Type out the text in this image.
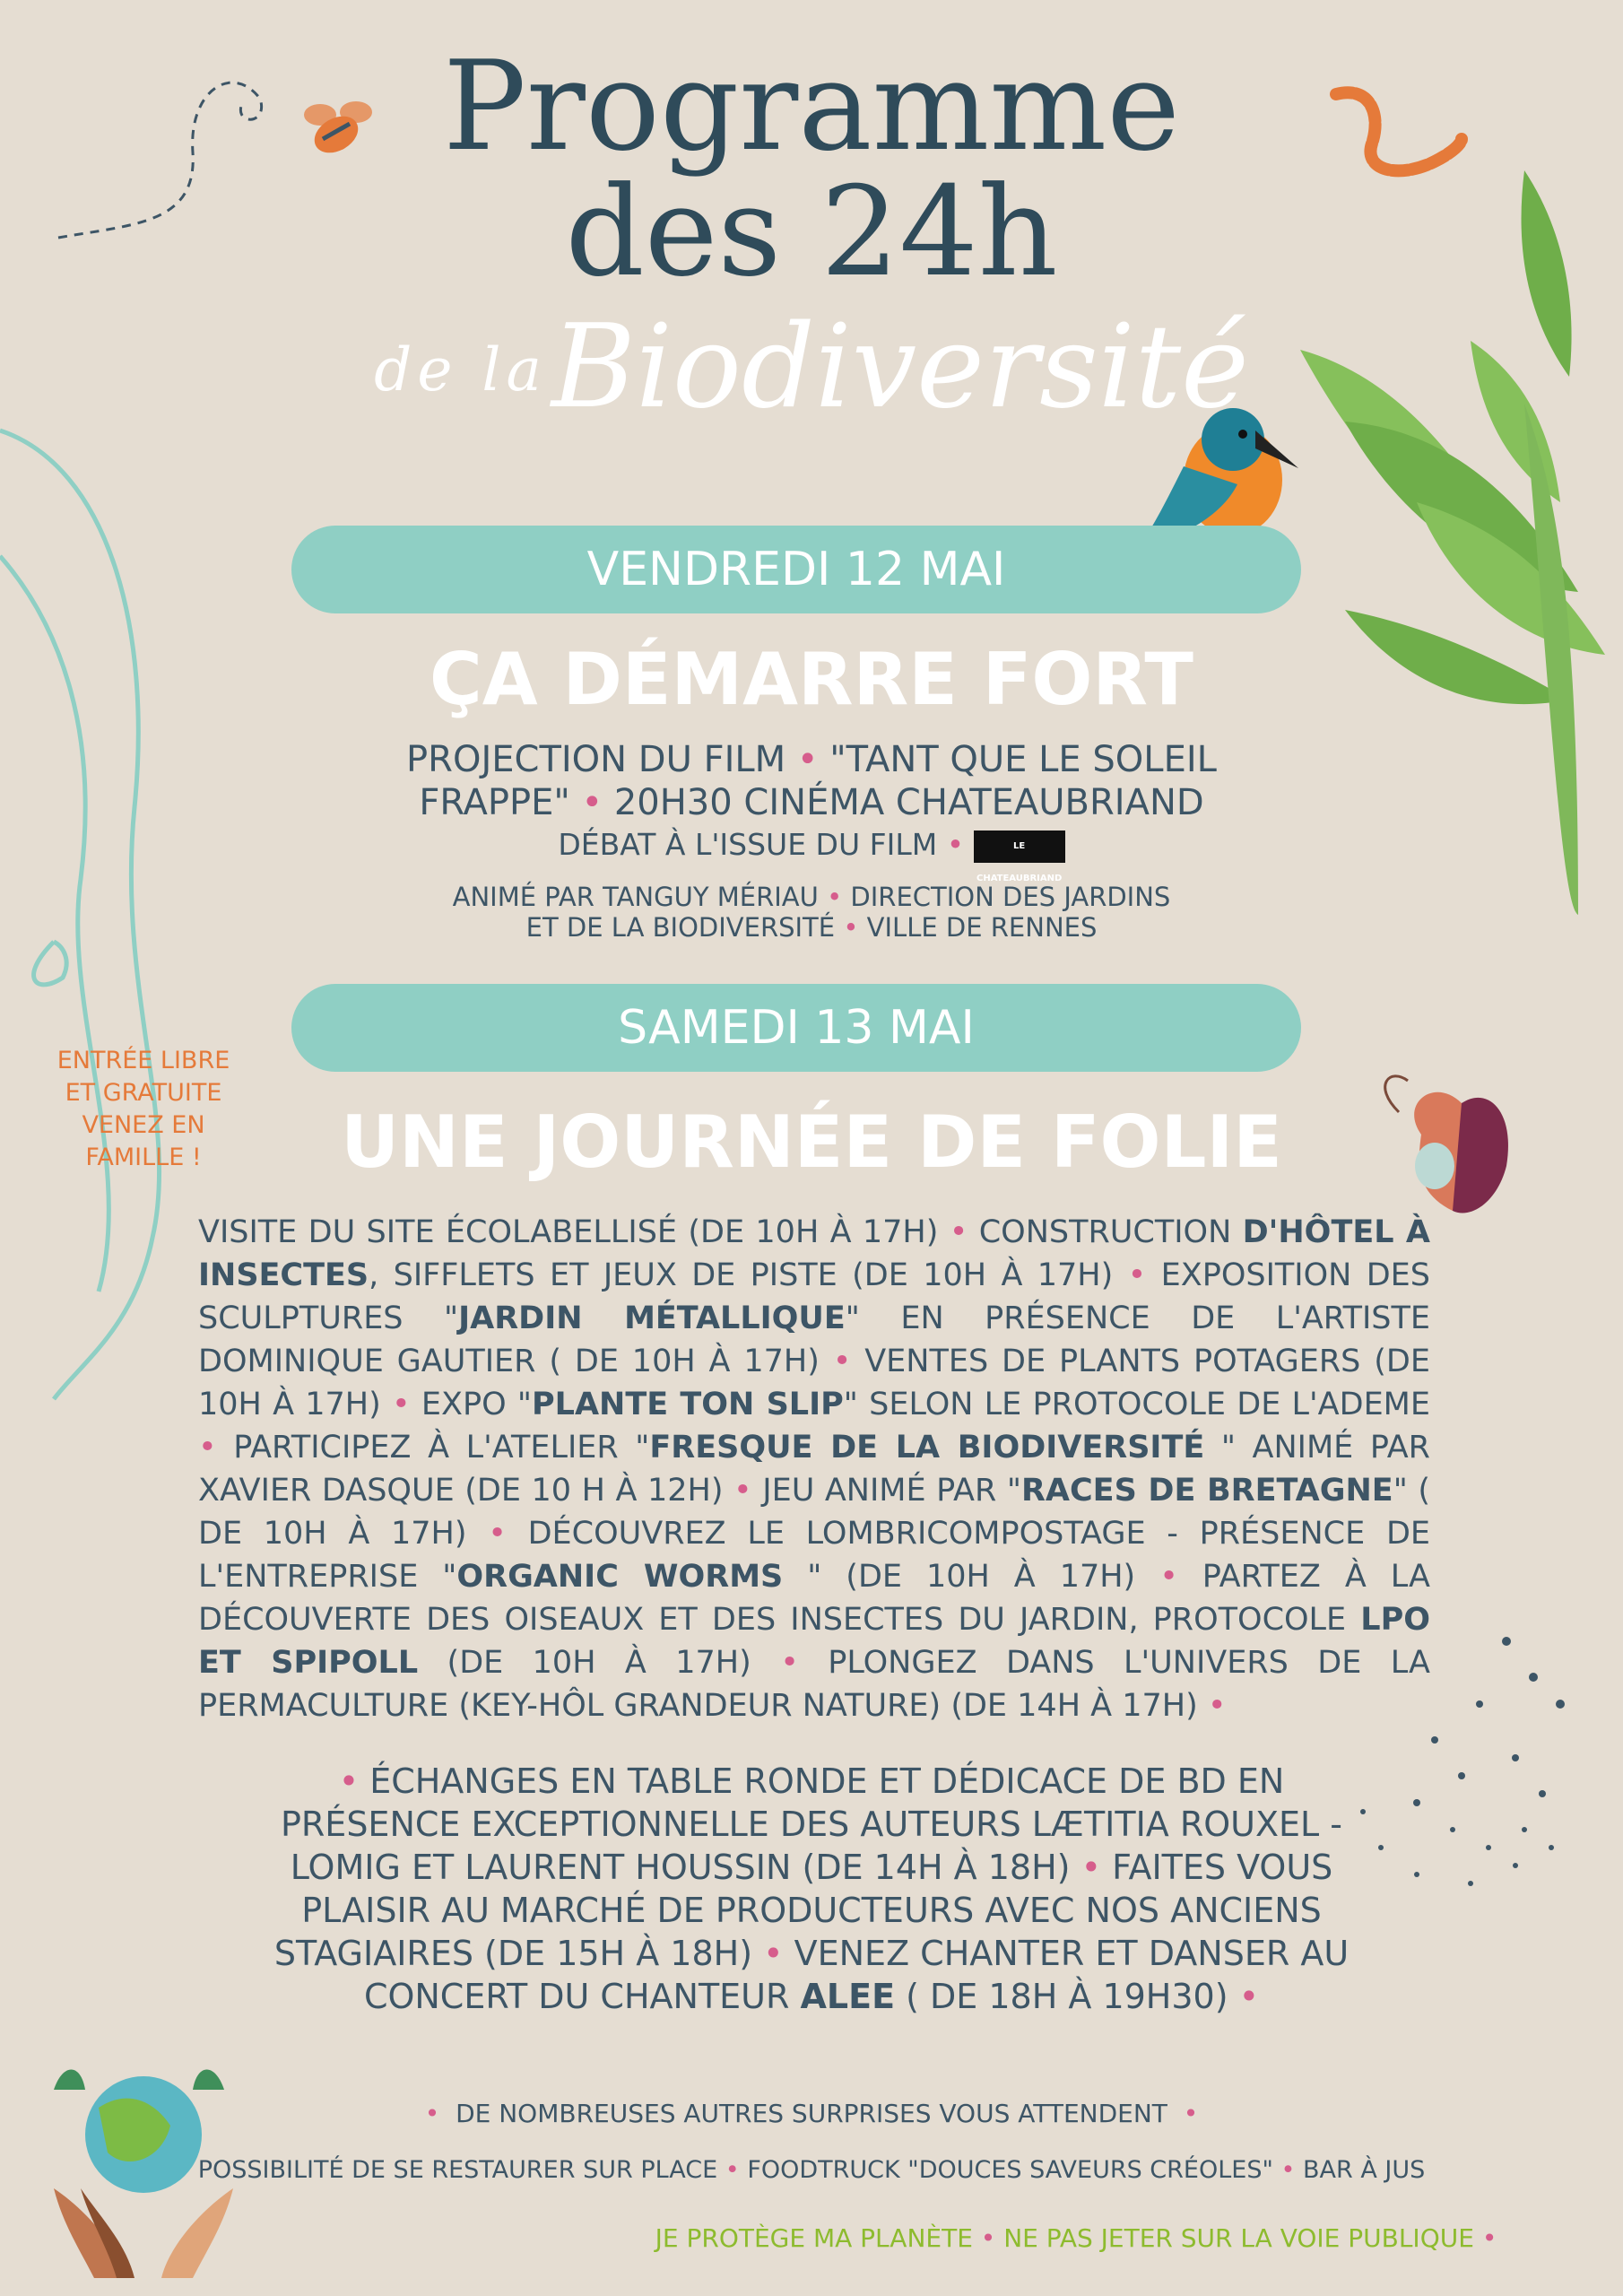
Programme
des 24h
de la Biodiversité
VENDREDI 12 MAI
ÇA DÉMARRE FORT
PROJECTION DU FILM • "TANT QUE LE SOLEIL
FRAPPE" • 20H30 CINÉMA CHATEAUBRIAND
DÉBAT À L'ISSUE DU FILM •	LE CHATEAUBRIAND
ANIMÉ PAR TANGUY MÉRIAU • DIRECTION DES JARDINS
ET DE LA BIODIVERSITÉ • VILLE DE RENNES
ENTRÉE LIBRE
ET GRATUITE
VENEZ EN
FAMILLE !
SAMEDI 13 MAI
UNE JOURNÉE DE FOLIE
VISITE DU SITE ÉCOLABELLISÉ (DE 10H À 17H) • CONSTRUCTION D'HÔTEL À INSECTES, SIFFLETS ET JEUX DE PISTE (DE 10H À 17H) • EXPOSITION DES SCULPTURES "JARDIN MÉTALLIQUE" EN PRÉSENCE DE L'ARTISTE DOMINIQUE GAUTIER ( DE 10H À 17H) • VENTES DE PLANTS POTAGERS (DE 10H À 17H) • EXPO "PLANTE TON SLIP" SELON LE PROTOCOLE DE L'ADEME • PARTICIPEZ À L'ATELIER "FRESQUE DE LA BIODIVERSITÉ " ANIMÉ PAR XAVIER DASQUE (DE 10 H À 12H) • JEU ANIMÉ PAR "RACES DE BRETAGNE" ( DE 10H À 17H) • DÉCOUVREZ LE LOMBRICOMPOSTAGE - PRÉSENCE DE L'ENTREPRISE "ORGANIC WORMS " (DE 10H À 17H) • PARTEZ À LA DÉCOUVERTE DES OISEAUX ET DES INSECTES DU JARDIN, PROTOCOLE LPO ET SPIPOLL (DE 10H À 17H) • PLONGEZ DANS L'UNIVERS DE LA PERMACULTURE (KEY-HÔL GRANDEUR NATURE) (DE 14H À 17H) •
• ÉCHANGES EN TABLE RONDE ET DÉDICACE DE BD EN PRÉSENCE EXCEPTIONNELLE DES AUTEURS LÆTITIA ROUXEL - LOMIG ET LAURENT HOUSSIN (DE 14H À 18H) • FAITES VOUS PLAISIR AU MARCHÉ DE PRODUCTEURS AVEC NOS ANCIENS STAGIAIRES (DE 15H À 18H) • VENEZ CHANTER ET DANSER AU CONCERT DU CHANTEUR ALEE ( DE 18H À 19H30) •
• DE NOMBREUSES AUTRES SURPRISES VOUS ATTENDENT •
POSSIBILITÉ DE SE RESTAURER SUR PLACE • FOODTRUCK "DOUCES SAVEURS CRÉOLES" • BAR À JUS
JE PROTÈGE MA PLANÈTE • NE PAS JETER SUR LA VOIE PUBLIQUE •
